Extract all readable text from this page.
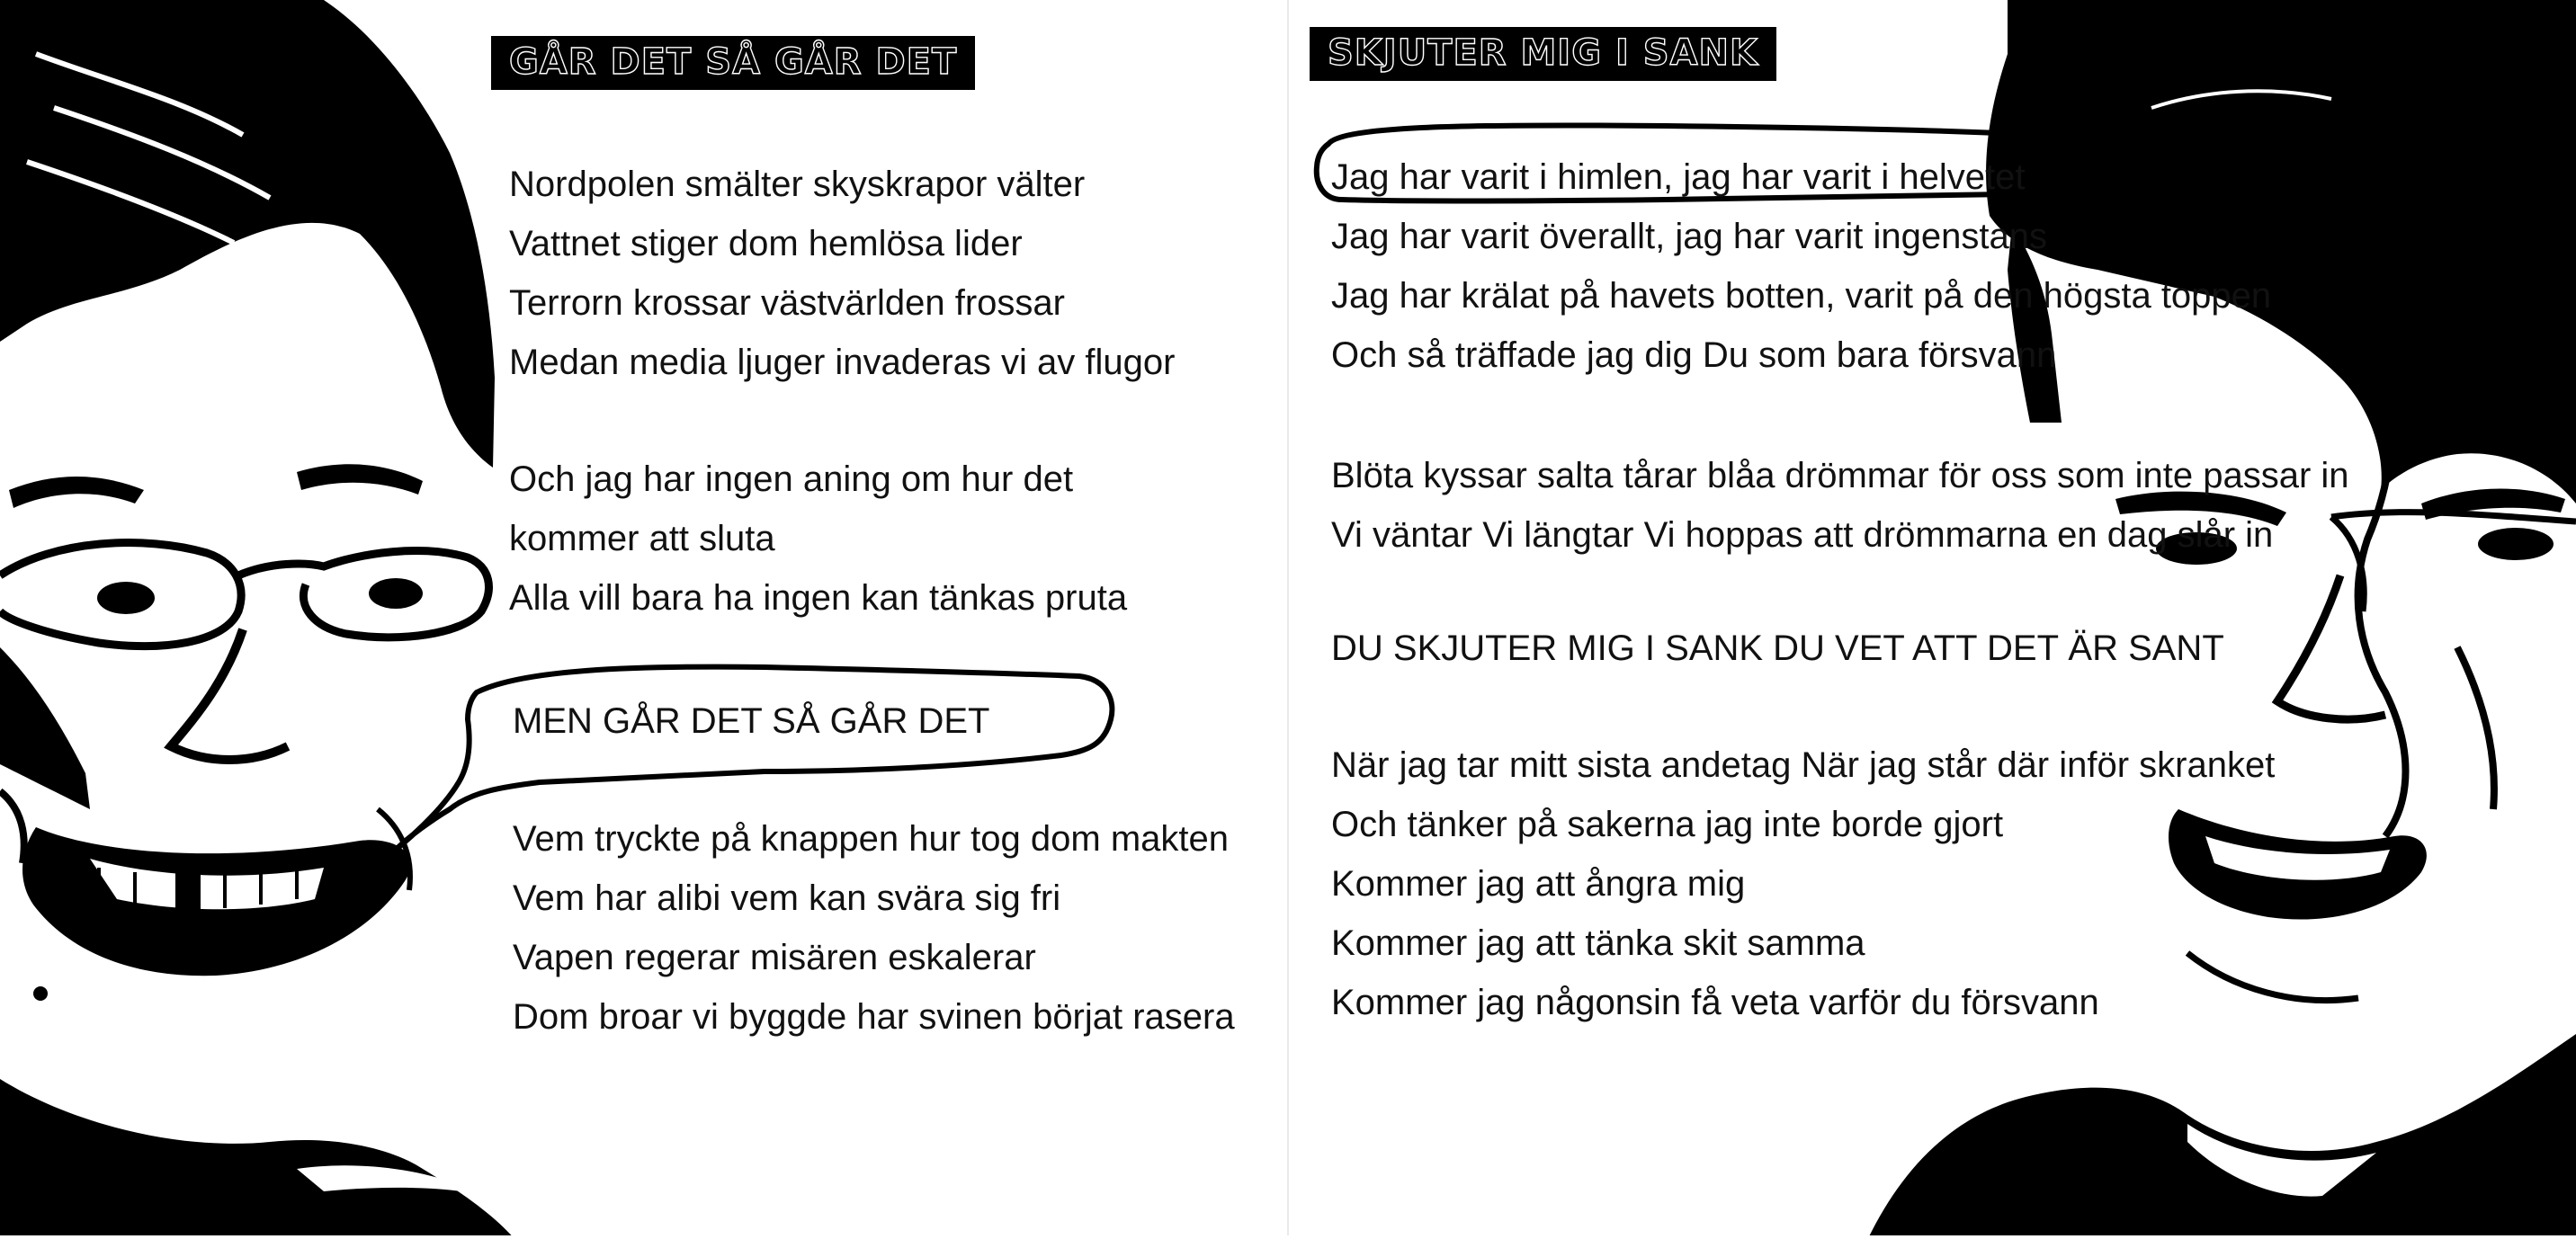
GÅR DET SÅ GÅR DET
Nordpolen smälter skyskrapor välter
Vattnet stiger dom hemlösa lider
Terrorn krossar västvärlden frossar
Medan media ljuger invaderas vi av flugor
Och jag har ingen aning om hur det
kommer att sluta
Alla vill bara ha ingen kan tänkas pruta
MEN GÅR DET SÅ GÅR DET
Vem tryckte på knappen hur tog dom makten
Vem har alibi vem kan svära sig fri
Vapen regerar misären eskalerar
Dom broar vi byggde har svinen börjat rasera
SKJUTER MIG I SANK
Jag har varit i himlen, jag har varit i helvetet
Jag har varit överallt, jag har varit ingenstans
Jag har krälat på havets botten, varit på den högsta toppen
Och så träffade jag dig Du som bara försvann
Blöta kyssar salta tårar blåa drömmar för oss som inte passar in
Vi väntar Vi längtar Vi hoppas att drömmarna en dag slår in
DU SKJUTER MIG I SANK DU VET ATT DET ÄR SANT
När jag tar mitt sista andetag När jag står där inför skranket
Och tänker på sakerna jag inte borde gjort
Kommer jag att ångra mig
Kommer jag att tänka skit samma
Kommer jag någonsin få veta varför du försvann
